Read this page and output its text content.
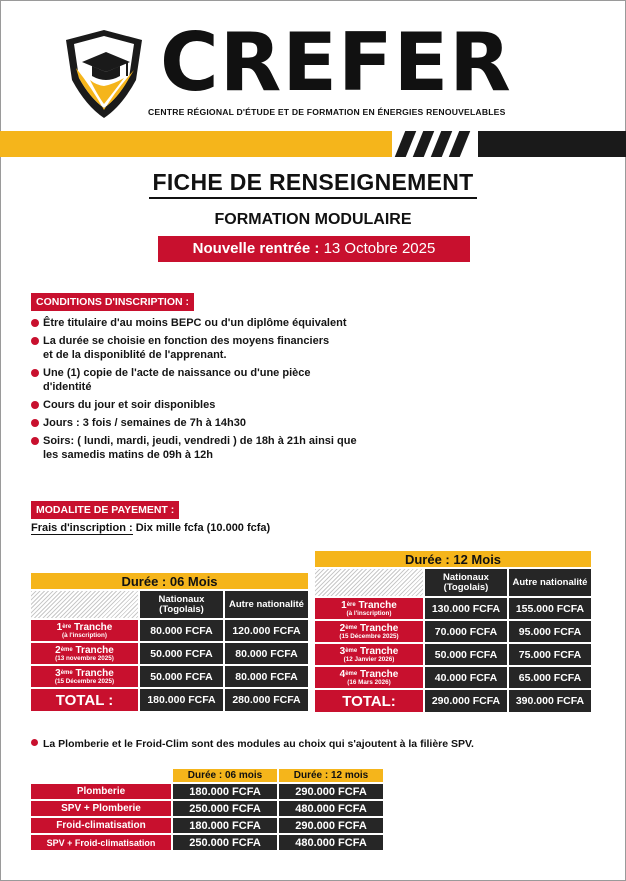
CREFER
CENTRE RÉGIONAL D'ÉTUDE ET DE FORMATION EN ÉNERGIES RENOUVELABLES
FICHE DE RENSEIGNEMENT
FORMATION MODULAIRE
Nouvelle rentrée : 13 Octobre 2025
CONDITIONS D'INSCRIPTION :
Être titulaire d'au moins BEPC ou d'un diplôme équivalent
La durée se choisie en fonction des moyens financiers
et de la disponiblité de l'apprenant.
Une (1) copie de l'acte de naissance ou d'une pièce
d'identité
Cours du jour et soir disponibles
Jours : 3 fois / semaines de 7h à 14h30
Soirs: ( lundi, mardi, jeudi, vendredi ) de 18h à 21h ainsi que
les samedis matins de 09h à 12h
MODALITE DE PAYEMENT :
Frais d'inscription : Dix mille fcfa (10.000 fcfa)
Durée : 06 Mois		
	Nationaux (Togolais)	Autre nationalité
1ère Tranche
(à l'inscription)	80.000 FCFA	120.000 FCFA
2ème Tranche
(13 novembre 2025)	50.000 FCFA	80.000 FCFA
3ème Tranche
(15 Décembre 2025)	50.000 FCFA	80.000 FCFA
TOTAL :	180.000 FCFA	280.000 FCFA
Durée : 12 Mois		
	Nationaux (Togolais)	Autre nationalité
1ère Tranche
(à l'inscription)	130.000 FCFA	155.000 FCFA
2ème Tranche
(15 Décembre 2025)	70.000 FCFA	95.000 FCFA
3ème Tranche
(12 Janvier 2026)	50.000 FCFA	75.000 FCFA
4ème Tranche
(16 Mars 2026)	40.000 FCFA	65.000 FCFA
TOTAL:	290.000 FCFA	390.000 FCFA
La Plomberie et le Froid-Clim sont des modules au choix qui s'ajoutent à la filière SPV.
	Durée : 06 mois	Durée : 12 mois
Plomberie	180.000 FCFA	290.000 FCFA
SPV + Plomberie	250.000 FCFA	480.000 FCFA
Froid-climatisation	180.000 FCFA	290.000 FCFA
SPV + Froid-climatisation	250.000 FCFA	480.000 FCFA
